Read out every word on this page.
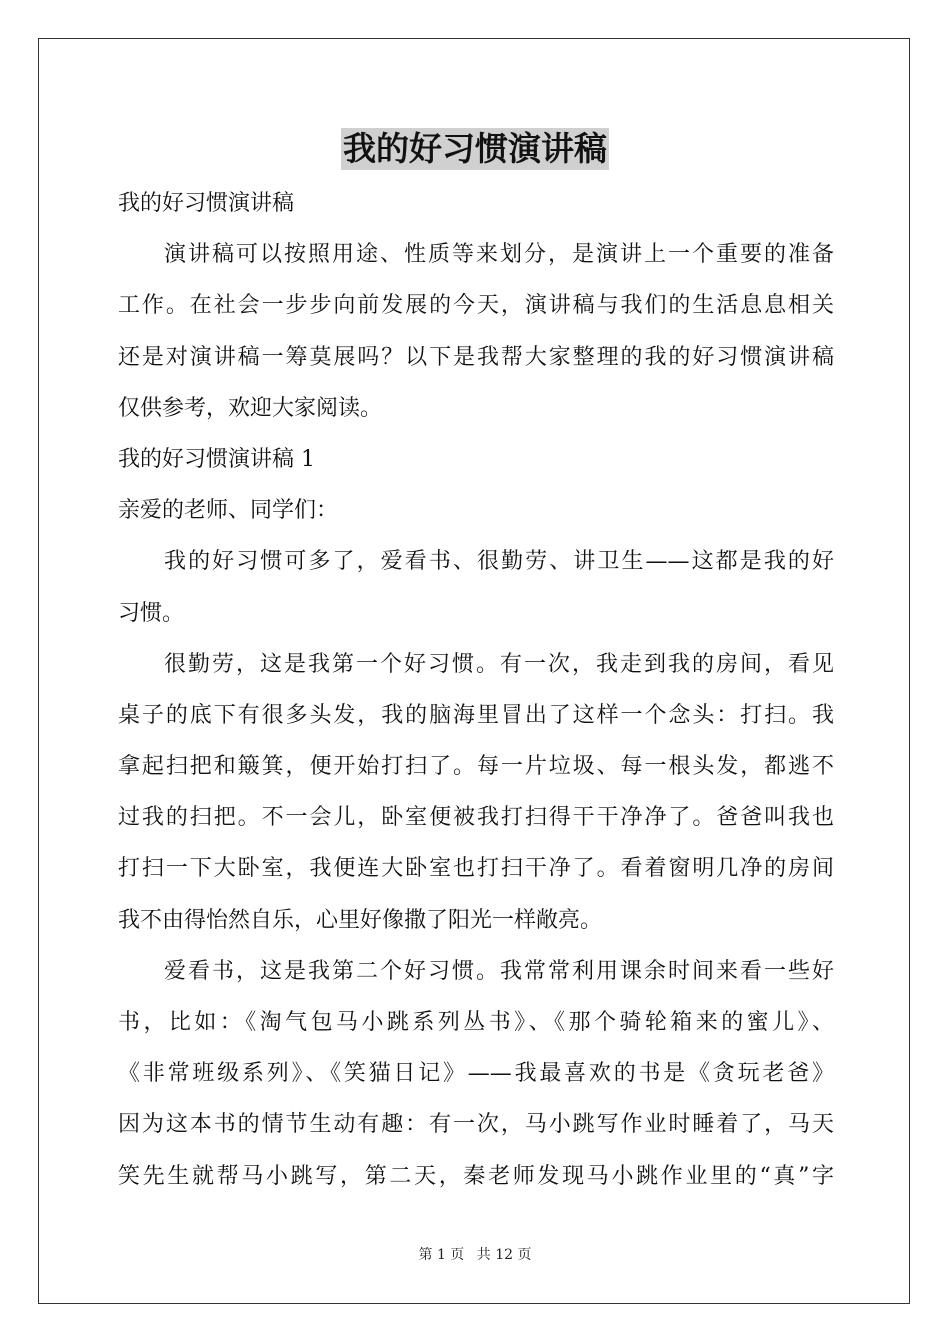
我的好习惯演讲稿
我的好习惯演讲稿
演讲稿可以按照用途、性质等来划分，是演讲上一个重要的准备
工作。在社会一步步向前发展的今天，演讲稿与我们的生活息息相关
还是对演讲稿一筹莫展吗？以下是我帮大家整理的我的好习惯演讲稿
仅供参考，欢迎大家阅读。
我的好习惯演讲稿 1
亲爱的老师、同学们：
我的好习惯可多了，爱看书、很勤劳、讲卫生——这都是我的好
习惯。
很勤劳，这是我第一个好习惯。有一次，我走到我的房间，看见
桌子的底下有很多头发，我的脑海里冒出了这样一个念头：打扫。我
拿起扫把和簸箕，便开始打扫了。每一片垃圾、每一根头发，都逃不
过我的扫把。不一会儿，卧室便被我打扫得干干净净了。爸爸叫我也
打扫一下大卧室，我便连大卧室也打扫干净了。看着窗明几净的房间
我不由得怡然自乐，心里好像撒了阳光一样敞亮。
爱看书，这是我第二个好习惯。我常常利用课余时间来看一些好
书，比如：《淘气包马小跳系列丛书》、《那个骑轮箱来的蜜儿》、
《非常班级系列》、《笑猫日记》——我最喜欢的书是《贪玩老爸》
因为这本书的情节生动有趣：有一次，马小跳写作业时睡着了，马天
笑先生就帮马小跳写，第二天，秦老师发现马小跳作业里的“真”字
第 1 页 共 12 页
